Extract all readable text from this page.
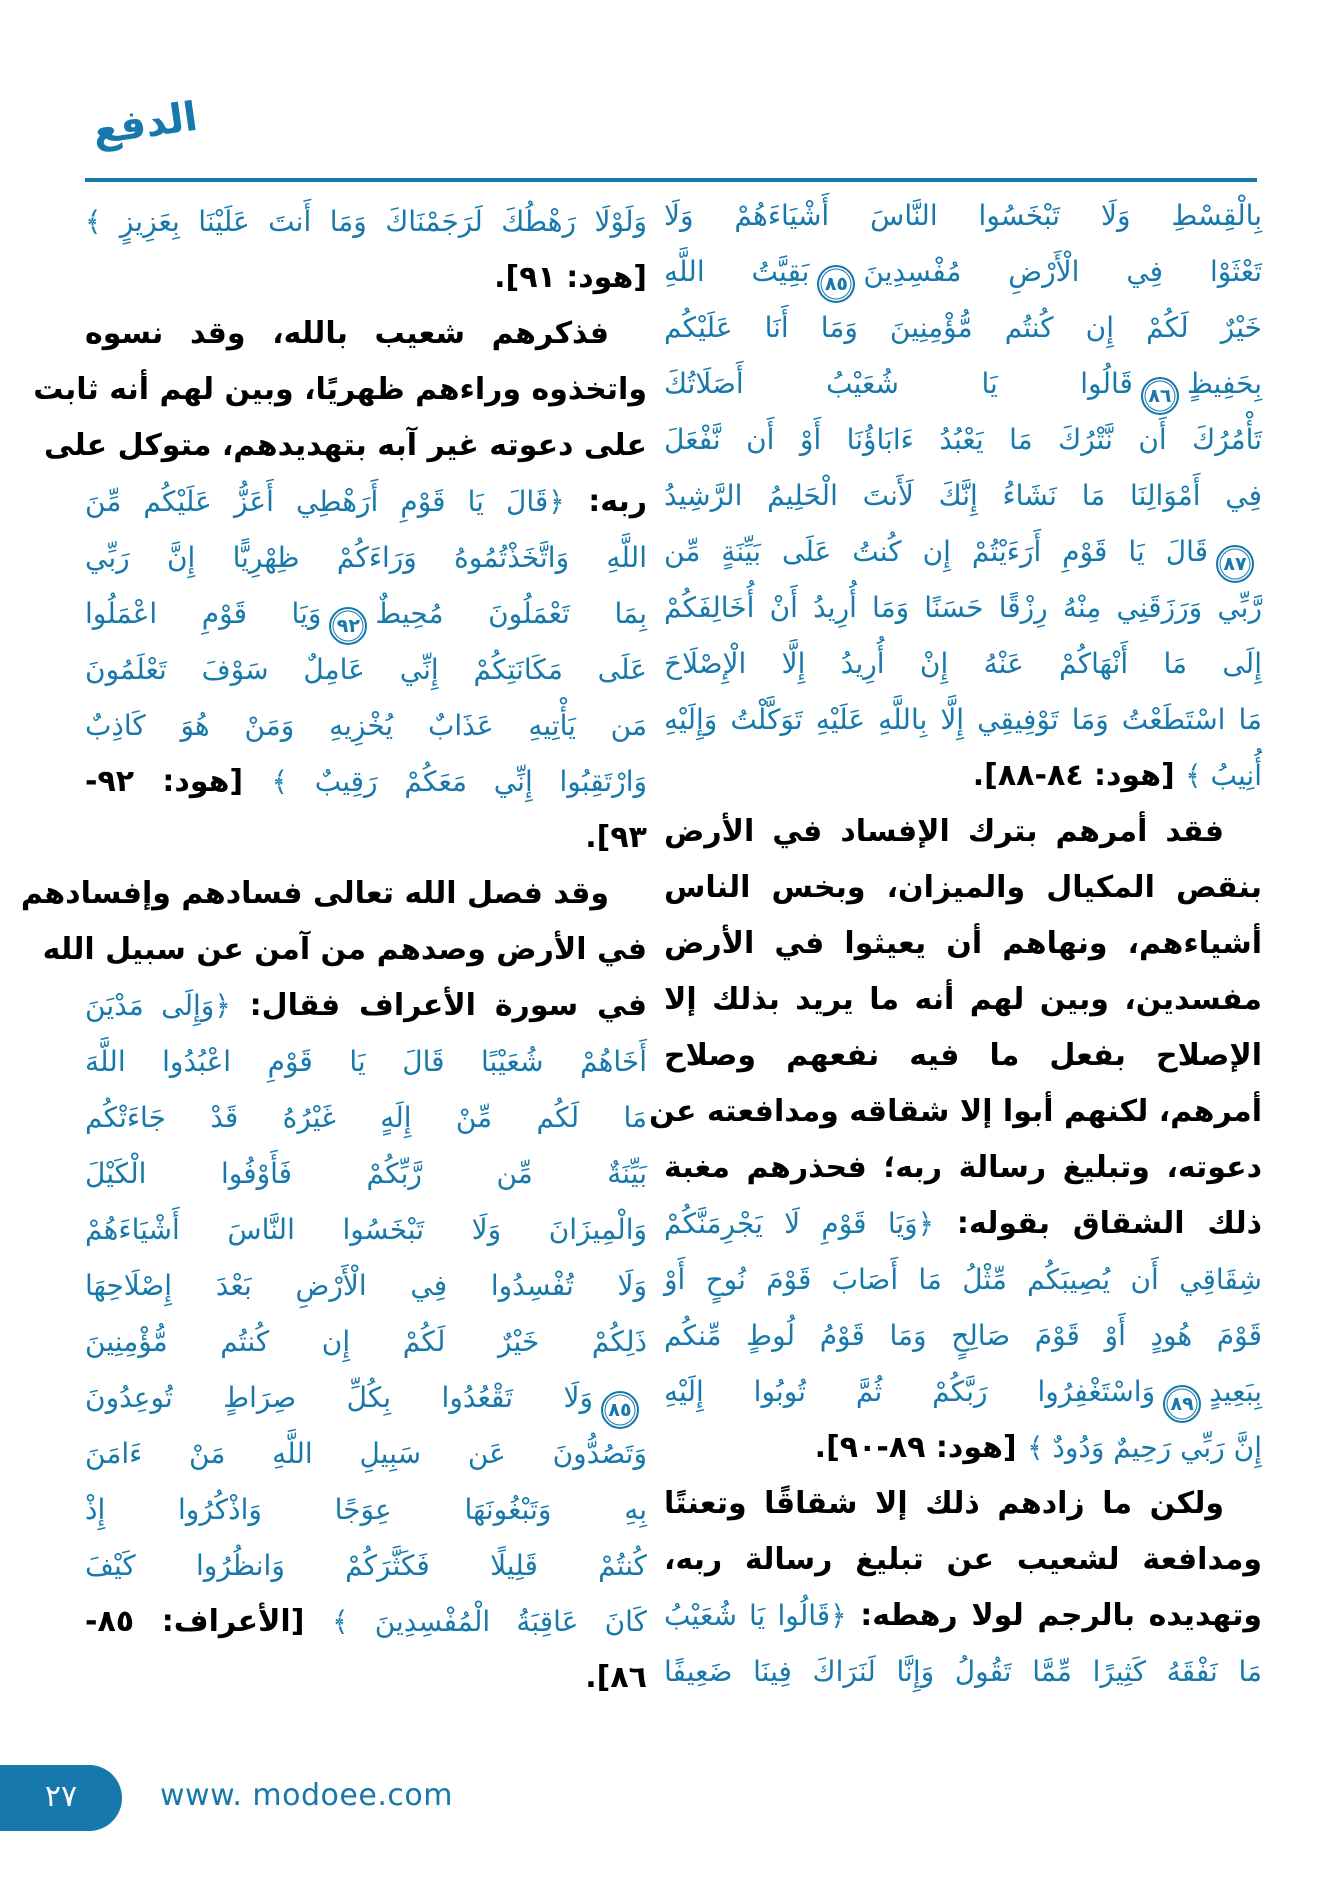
الدفع
بِالْقِسْطِ وَلَا تَبْخَسُوا النَّاسَ أَشْيَاءَهُمْ وَلَا
تَعْثَوْا فِي الْأَرْضِ مُفْسِدِينَ٨٥بَقِيَّتُ اللَّهِ
خَيْرٌ لَكُمْ إِن كُنتُم مُّؤْمِنِينَ وَمَا أَنَا عَلَيْكُم
بِحَفِيظٍ٨٦قَالُوا يَا شُعَيْبُ أَصَلَاتُكَ
تَأْمُرُكَ أَن نَّتْرُكَ مَا يَعْبُدُ ءَابَاؤُنَا أَوْ أَن نَّفْعَلَ
فِي أَمْوَالِنَا مَا نَشَاءُ إِنَّكَ لَأَنتَ الْحَلِيمُ الرَّشِيدُ
٨٧قَالَ يَا قَوْمِ أَرَءَيْتُمْ إِن كُنتُ عَلَى بَيِّنَةٍ مِّن
رَّبِّي وَرَزَقَنِي مِنْهُ رِزْقًا حَسَنًا وَمَا أُرِيدُ أَنْ أُخَالِفَكُمْ
إِلَى مَا أَنْهَاكُمْ عَنْهُ إِنْ أُرِيدُ إِلَّا الْإِصْلَاحَ
مَا اسْتَطَعْتُ وَمَا تَوْفِيقِي إِلَّا بِاللَّهِ عَلَيْهِ تَوَكَّلْتُ وَإِلَيْهِ
أُنِيبُ ﴾ [هود: ٨٤-٨٨].
فقد أمرهم بترك الإفساد في الأرض
بنقص المكيال والميزان، وبخس الناس
أشياءهم، ونهاهم أن يعيثوا في الأرض
مفسدين، وبين لهم أنه ما يريد بذلك إلا
الإصلاح بفعل ما فيه نفعهم وصلاح
أمرهم، لكنهم أبوا إلا شقاقه ومدافعته عن
دعوته، وتبليغ رسالة ربه؛ فحذرهم مغبة
ذلك الشقاق بقوله: ﴿وَيَا قَوْمِ لَا يَجْرِمَنَّكُمْ
شِقَاقِي أَن يُصِيبَكُم مِّثْلُ مَا أَصَابَ قَوْمَ نُوحٍ أَوْ
قَوْمَ هُودٍ أَوْ قَوْمَ صَالِحٍ وَمَا قَوْمُ لُوطٍ مِّنكُم
بِبَعِيدٍ٨٩وَاسْتَغْفِرُوا رَبَّكُمْ ثُمَّ تُوبُوا إِلَيْهِ
إِنَّ رَبِّي رَحِيمٌ وَدُودٌ ﴾ [هود: ٨٩-٩٠].
ولكن ما زادهم ذلك إلا شقاقًا وتعنتًا
ومدافعة لشعيب عن تبليغ رسالة ربه،
وتهديده بالرجم لولا رهطه: ﴿قَالُوا يَا شُعَيْبُ
مَا نَفْقَهُ كَثِيرًا مِّمَّا تَقُولُ وَإِنَّا لَنَرَاكَ فِينَا ضَعِيفًا
وَلَوْلَا رَهْطُكَ لَرَجَمْنَاكَ وَمَا أَنتَ عَلَيْنَا بِعَزِيزٍ ﴾
[هود: ٩١].
فذكرهم شعيب بالله، وقد نسوه
واتخذوه وراءهم ظهريًا، وبين لهم أنه ثابت
على دعوته غير آبه بتهديدهم، متوكل على
ربه: ﴿قَالَ يَا قَوْمِ أَرَهْطِي أَعَزُّ عَلَيْكُم مِّنَ
اللَّهِ وَاتَّخَذْتُمُوهُ وَرَاءَكُمْ ظِهْرِيًّا إِنَّ رَبِّي
بِمَا تَعْمَلُونَ مُحِيطٌ٩٢وَيَا قَوْمِ اعْمَلُوا
عَلَى مَكَانَتِكُمْ إِنِّي عَامِلٌ سَوْفَ تَعْلَمُونَ
مَن يَأْتِيهِ عَذَابٌ يُخْزِيهِ وَمَنْ هُوَ كَاذِبٌ
وَارْتَقِبُوا إِنِّي مَعَكُمْ رَقِيبٌ ﴾ [هود: ٩٢-
٩٣].
وقد فصل الله تعالى فسادهم وإفسادهم
في الأرض وصدهم من آمن عن سبيل الله
في سورة الأعراف فقال: ﴿وَإِلَى مَدْيَنَ
أَخَاهُمْ شُعَيْبًا قَالَ يَا قَوْمِ اعْبُدُوا اللَّهَ
مَا لَكُم مِّنْ إِلَهٍ غَيْرُهُ قَدْ جَاءَتْكُم
بَيِّنَةٌ مِّن رَّبِّكُمْ فَأَوْفُوا الْكَيْلَ
وَالْمِيزَانَ وَلَا تَبْخَسُوا النَّاسَ أَشْيَاءَهُمْ
وَلَا تُفْسِدُوا فِي الْأَرْضِ بَعْدَ إِصْلَاحِهَا
ذَلِكُمْ خَيْرٌ لَكُمْ إِن كُنتُم مُّؤْمِنِينَ
٨٥وَلَا تَقْعُدُوا بِكُلِّ صِرَاطٍ تُوعِدُونَ
وَتَصُدُّونَ عَن سَبِيلِ اللَّهِ مَنْ ءَامَنَ
بِهِ وَتَبْغُونَهَا عِوَجًا وَاذْكُرُوا إِذْ
كُنتُمْ قَلِيلًا فَكَثَّرَكُمْ وَانظُرُوا كَيْفَ
كَانَ عَاقِبَةُ الْمُفْسِدِينَ ﴾ [الأعراف: ٨٥-
٨٦].
٢٧	www. modoee.com
